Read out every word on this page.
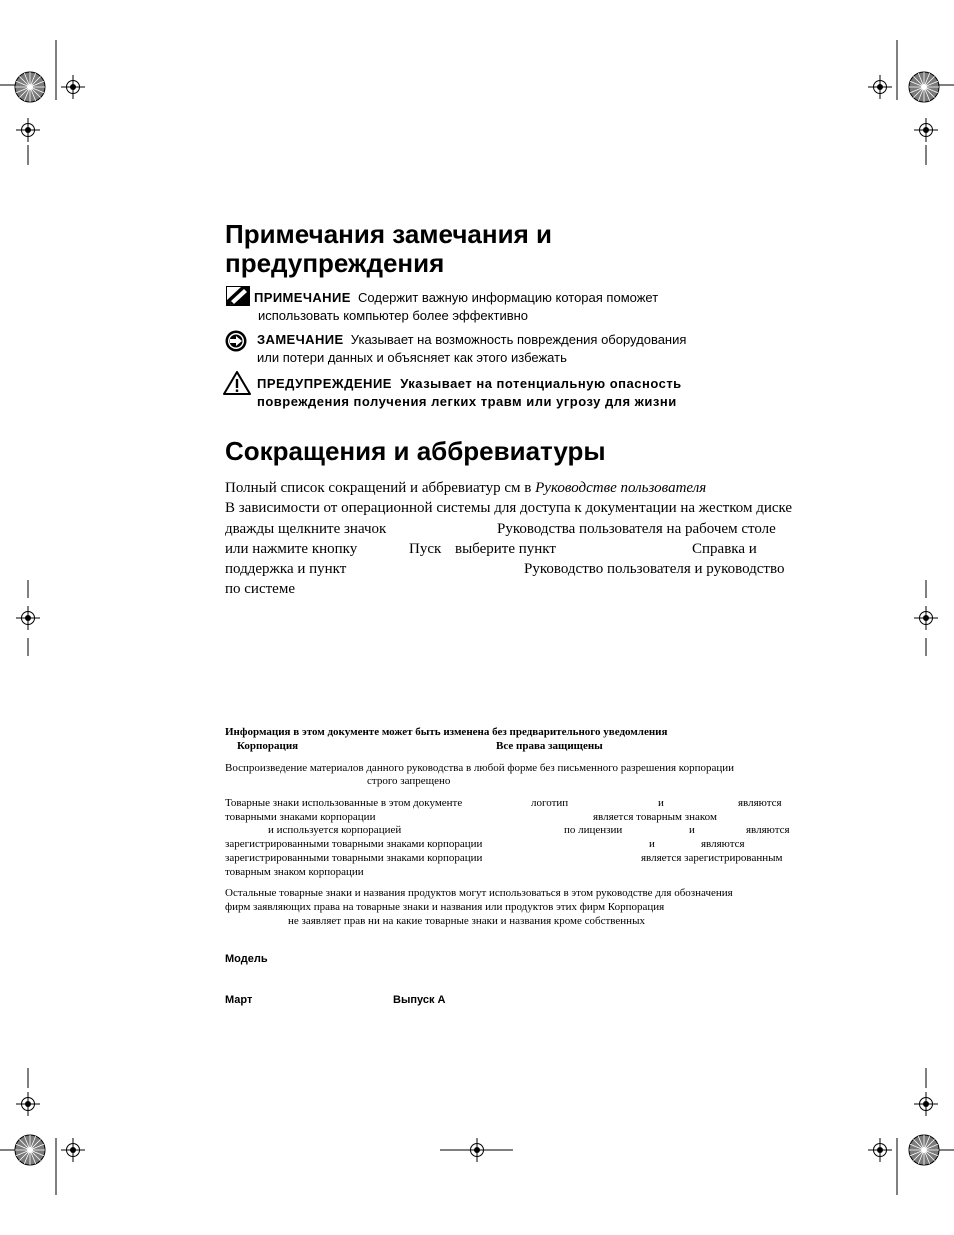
Примечания замечания и
предупреждения
ПРИМЕЧАНИЕ Содержит важную информацию которая поможет
использовать компьютер более эффективно
ЗАМЕЧАНИЕ Указывает на возможность повреждения оборудования
или потери данных и объясняет как этого избежать
ПРЕДУПРЕЖДЕНИЕ Указывает на потенциальную опасность
повреждения получения легких травм или угрозу для жизни
Сокращения и аббревиатуры
Полный список сокращений и аббревиатур см в Руководстве пользователя
В зависимости от операционной системы для доступа к документации на жестком диске
дважды щелкните значок	Руководства пользователя на рабочем столе
или нажмите кнопку	Пуск выберите пункт	Справка и
поддержка и пункт	Руководство пользователя и руководство
по системе
Информация в этом документе может быть изменена без предварительного уведомления
Корпорация	Все права защищены
Воспроизведение материалов данного руководства в любой форме без письменного разрешения корпорации
строго запрещено
Товарные знаки использованные в этом документе	логотип	и	являются
товарными знаками корпорации	является товарным знаком
и используется корпорацией	по лицензии	и	являются
зарегистрированными товарными знаками корпорации	и	являются
зарегистрированными товарными знаками корпорации	является зарегистрированным
товарным знаком корпорации
Остальные товарные знаки и названия продуктов могут использоваться в этом руководстве для обозначения
фирм заявляющих права на товарные знаки и названия или продуктов этих фирм Корпорация
не заявляет прав ни на какие товарные знаки и названия кроме собственных
Модель
Март	Выпуск A
